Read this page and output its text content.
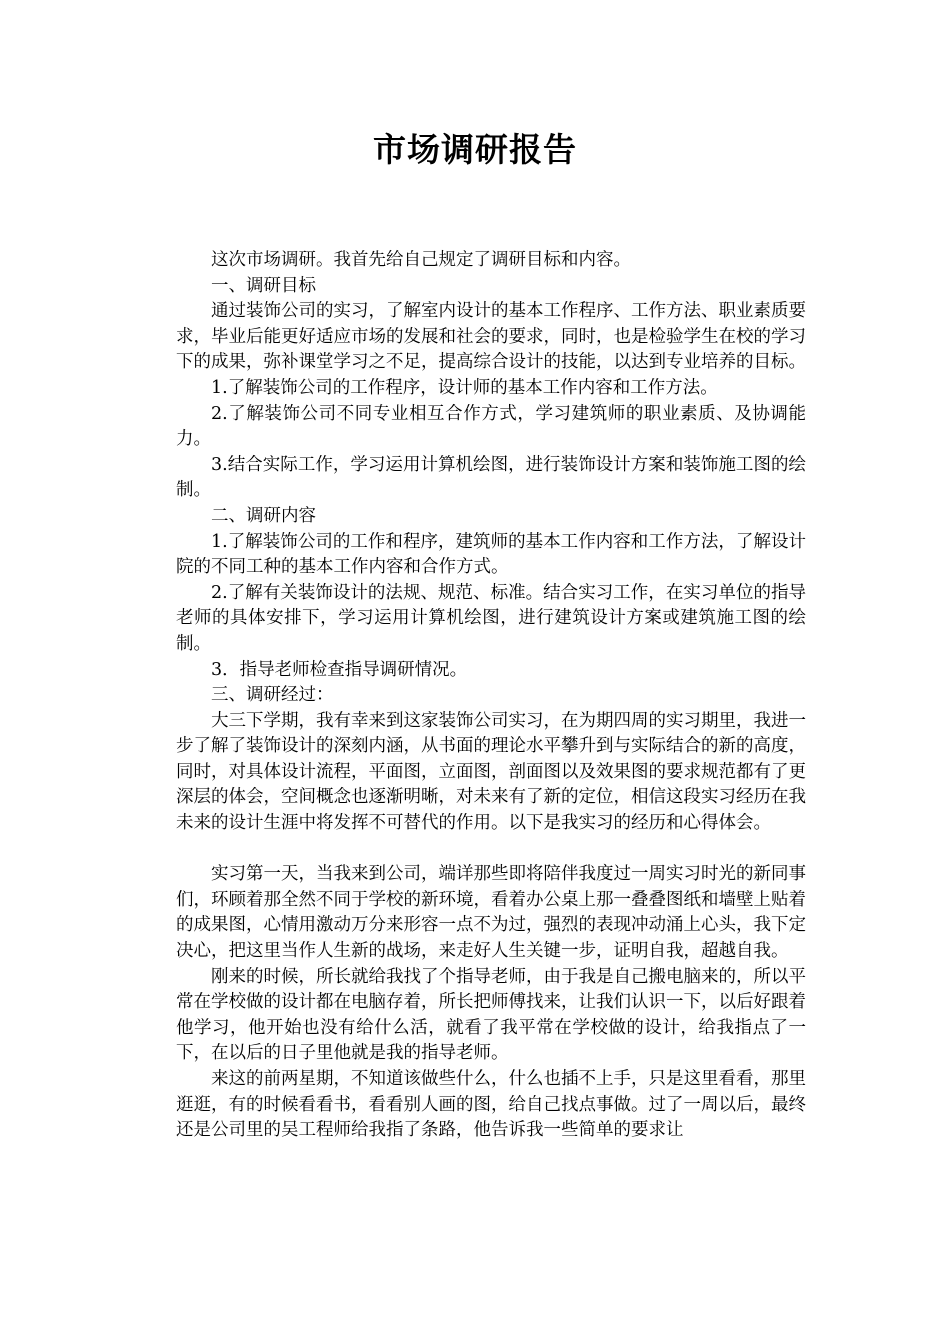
市场调研报告

这次市场调研。我首先给自己规定了调研目标和内容。

一、调研目标

通过装饰公司的实习，了解室内设计的基本工作程序、工作方法、职业素质要求，毕业后能更好适应市场的发展和社会的要求，同时，也是检验学生在校的学习下的成果，弥补课堂学习之不足，提高综合设计的技能，以达到专业培养的目标。

1.了解装饰公司的工作程序，设计师的基本工作内容和工作方法。

2.了解装饰公司不同专业相互合作方式，学习建筑师的职业素质、及协调能力。

3.结合实际工作，学习运用计算机绘图，进行装饰设计方案和装饰施工图的绘制。

二、调研内容

1.了解装饰公司的工作和程序，建筑师的基本工作内容和工作方法，了解设计院的不同工种的基本工作内容和合作方式。

2.了解有关装饰设计的法规、规范、标准。结合实习工作，在实习单位的指导老师的具体安排下，学习运用计算机绘图，进行建筑设计方案或建筑施工图的绘制。

3．指导老师检查指导调研情况。

三、调研经过：

大三下学期，我有幸来到这家装饰公司实习，在为期四周的实习期里，我进一步了解了装饰设计的深刻内涵，从书面的理论水平攀升到与实际结合的新的高度，同时，对具体设计流程，平面图，立面图，剖面图以及效果图的要求规范都有了更深层的体会，空间概念也逐渐明晰，对未来有了新的定位，相信这段实习经历在我未来的设计生涯中将发挥不可替代的作用。以下是我实习的经历和心得体会。

实习第一天，当我来到公司，端详那些即将陪伴我度过一周实习时光的新同事们，环顾着那全然不同于学校的新环境，看着办公桌上那一叠叠图纸和墙壁上贴着的成果图，心情用激动万分来形容一点不为过，强烈的表现冲动涌上心头，我下定决心，把这里当作人生新的战场，来走好人生关键一步，证明自我，超越自我。

刚来的时候，所长就给我找了个指导老师，由于我是自己搬电脑来的，所以平常在学校做的设计都在电脑存着，所长把师傅找来，让我们认识一下，以后好跟着他学习，他开始也没有给什么活，就看了我平常在学校做的设计，给我指点了一下，在以后的日子里他就是我的指导老师。

来这的前两星期，不知道该做些什么，什么也插不上手，只是这里看看，那里逛逛，有的时候看看书，看看别人画的图，给自己找点事做。过了一周以后，最终还是公司里的吴工程师给我指了条路，他告诉我一些简单的要求让
